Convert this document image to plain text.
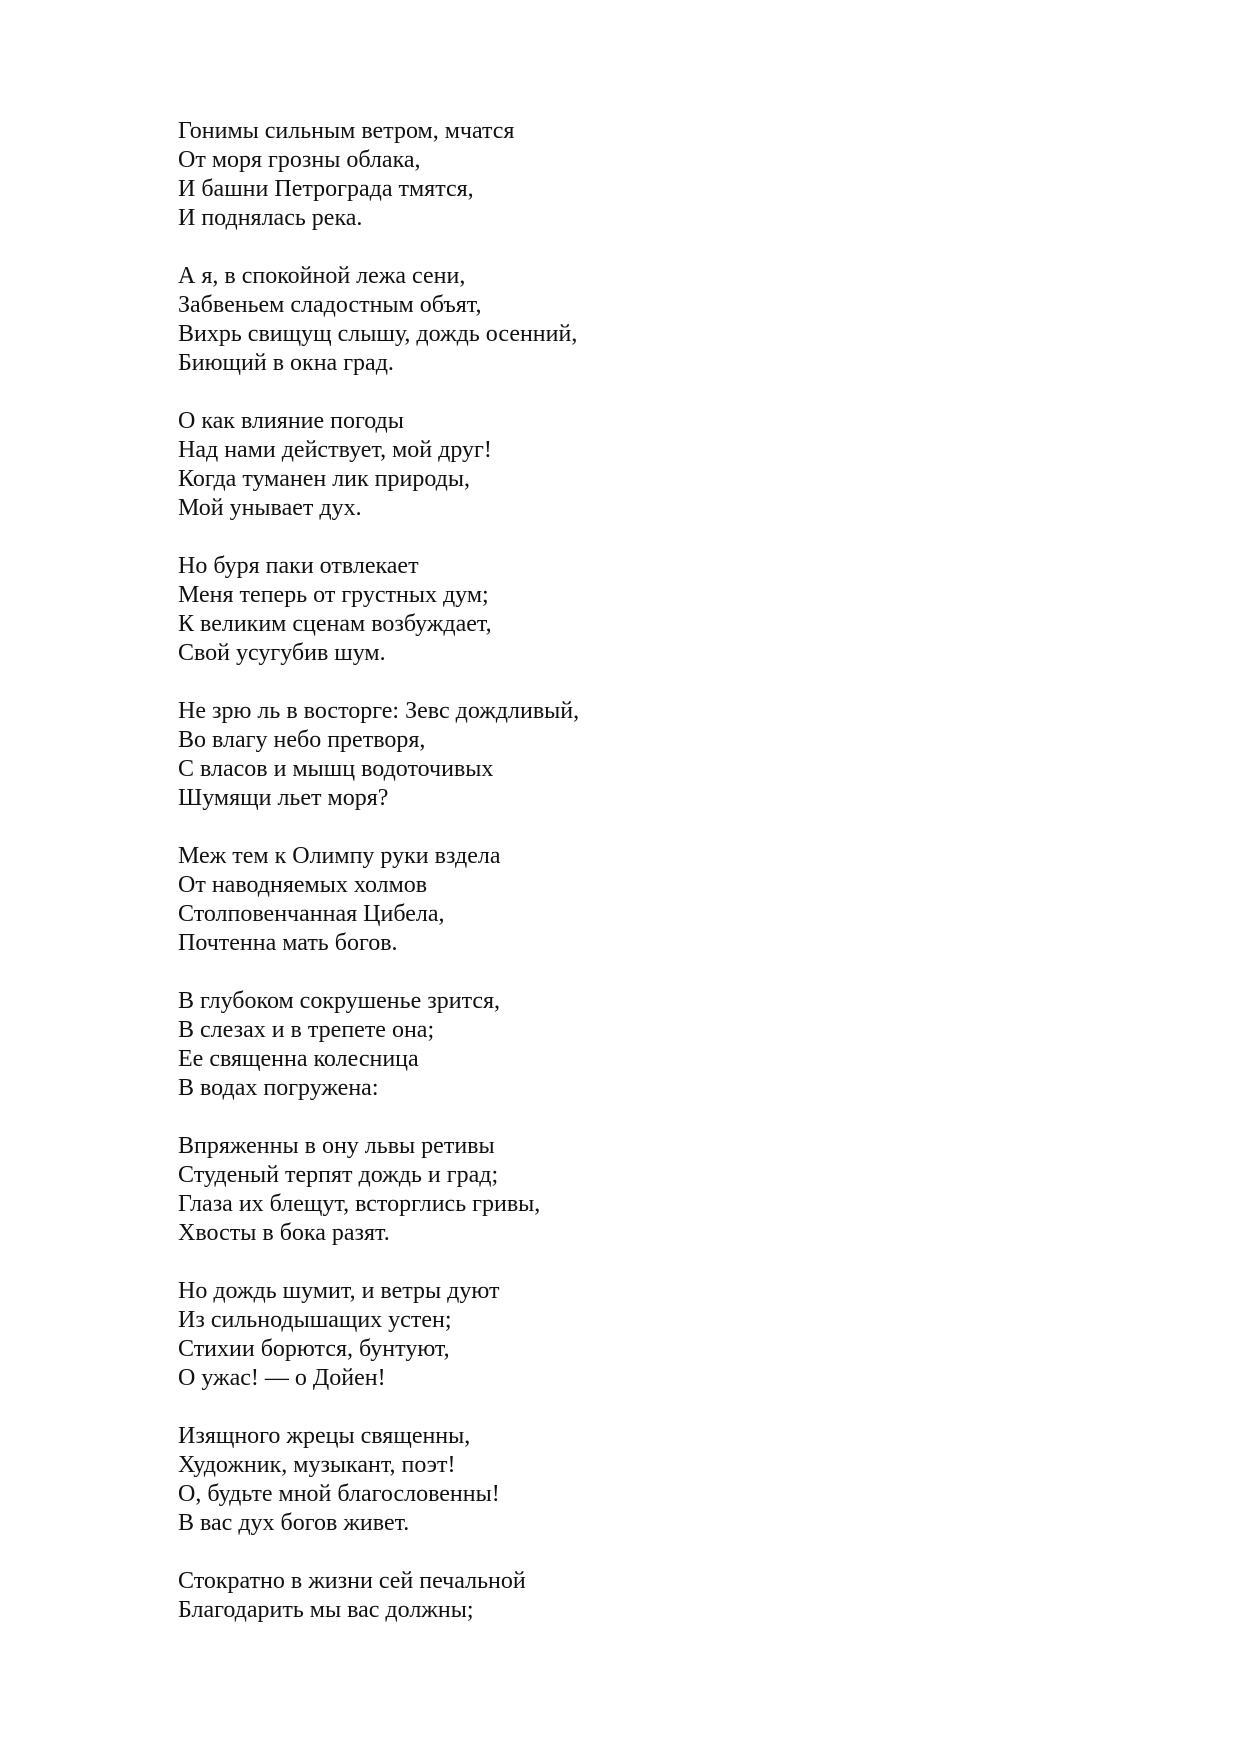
Гонимы сильным ветром, мчатся
От моря грозны облака,
И башни Петрограда тмятся,
И поднялась река.
А я, в спокойной лежа сени,
Забвеньем сладостным объят,
Вихрь свищущ слышу, дождь осенний,
Биющий в окна град.
О как влияние погоды
Над нами действует, мой друг!
Когда туманен лик природы,
Мой унывает дух.
Но буря паки отвлекает
Меня теперь от грустных дум;
К великим сценам возбуждает,
Свой усугубив шум.
Не зрю ль в восторге: Зевс дождливый,
Во влагу небо претворя,
С власов и мышц водоточивых
Шумящи льет моря?
Меж тем к Олимпу руки вздела
От наводняемых холмов
Столповенчанная Цибела,
Почтенна мать богов.
В глубоком сокрушенье зрится,
В слезах и в трепете она;
Ее священна колесница
В водах погружена:
Впряженны в ону львы ретивы
Студеный терпят дождь и град;
Глаза их блещут, всторглись гривы,
Хвосты в бока разят.
Но дождь шумит, и ветры дуют
Из сильнодышащих устен;
Стихии борются, бунтуют,
О ужас! — о Дойен!
Изящного жрецы священны,
Художник, музыкант, поэт!
О, будьте мной благословенны!
В вас дух богов живет.
Стократно в жизни сей печальной
Благодарить мы вас должны;
